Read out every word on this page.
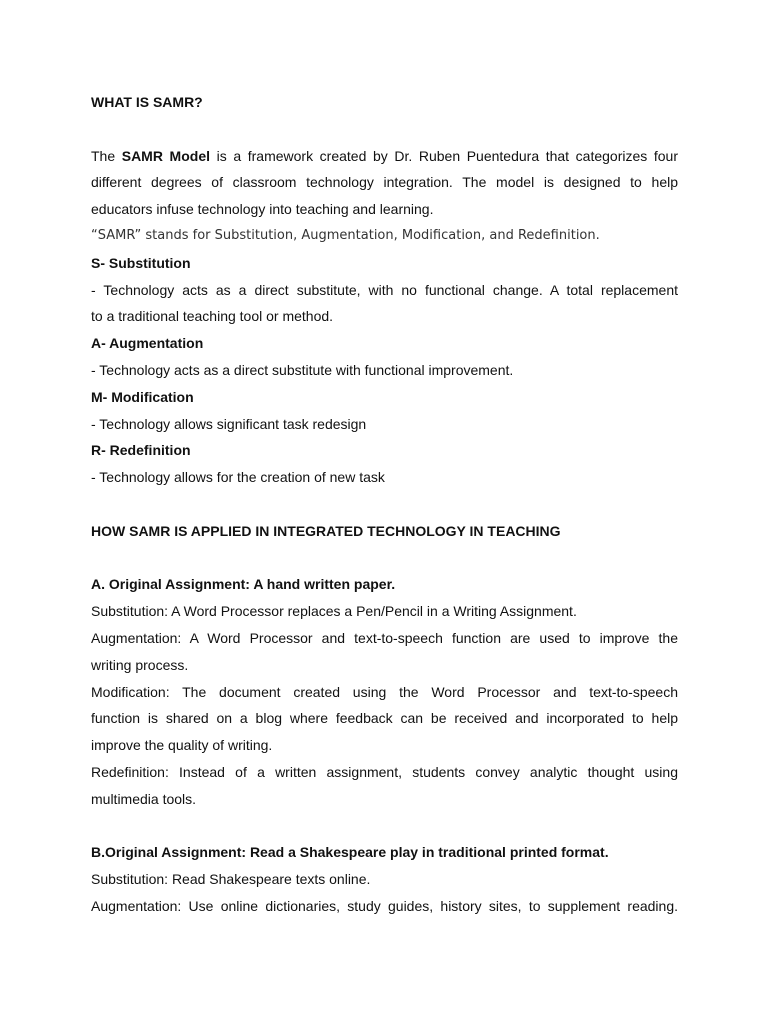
WHAT IS SAMR?
The SAMR Model is a framework created by Dr. Ruben Puentedura that categorizes four
different degrees of classroom technology integration. The model is designed to help
educators infuse technology into teaching and learning.
“SAMR” stands for Substitution, Augmentation, Modification, and Redefinition.
S- Substitution
- Technology acts as a direct substitute, with no functional change. A total replacement
to a traditional teaching tool or method.
A- Augmentation
- Technology acts as a direct substitute with functional improvement.
M- Modification
- Technology allows significant task redesign
R- Redefinition
- Technology allows for the creation of new task
HOW SAMR IS APPLIED IN INTEGRATED TECHNOLOGY IN TEACHING
A. Original Assignment: A hand written paper.
Substitution: A Word Processor replaces a Pen/Pencil in a Writing Assignment.
Augmentation: A Word Processor and text-to-speech function are used to improve the
writing process.
Modification: The document created using the Word Processor and text-to-speech
function is shared on a blog where feedback can be received and incorporated to help
improve the quality of writing.
Redefinition: Instead of a written assignment, students convey analytic thought using
multimedia tools.
B.Original Assignment: Read a Shakespeare play in traditional printed format.
Substitution: Read Shakespeare texts online.
Augmentation: Use online dictionaries, study guides, history sites, to supplement reading.
